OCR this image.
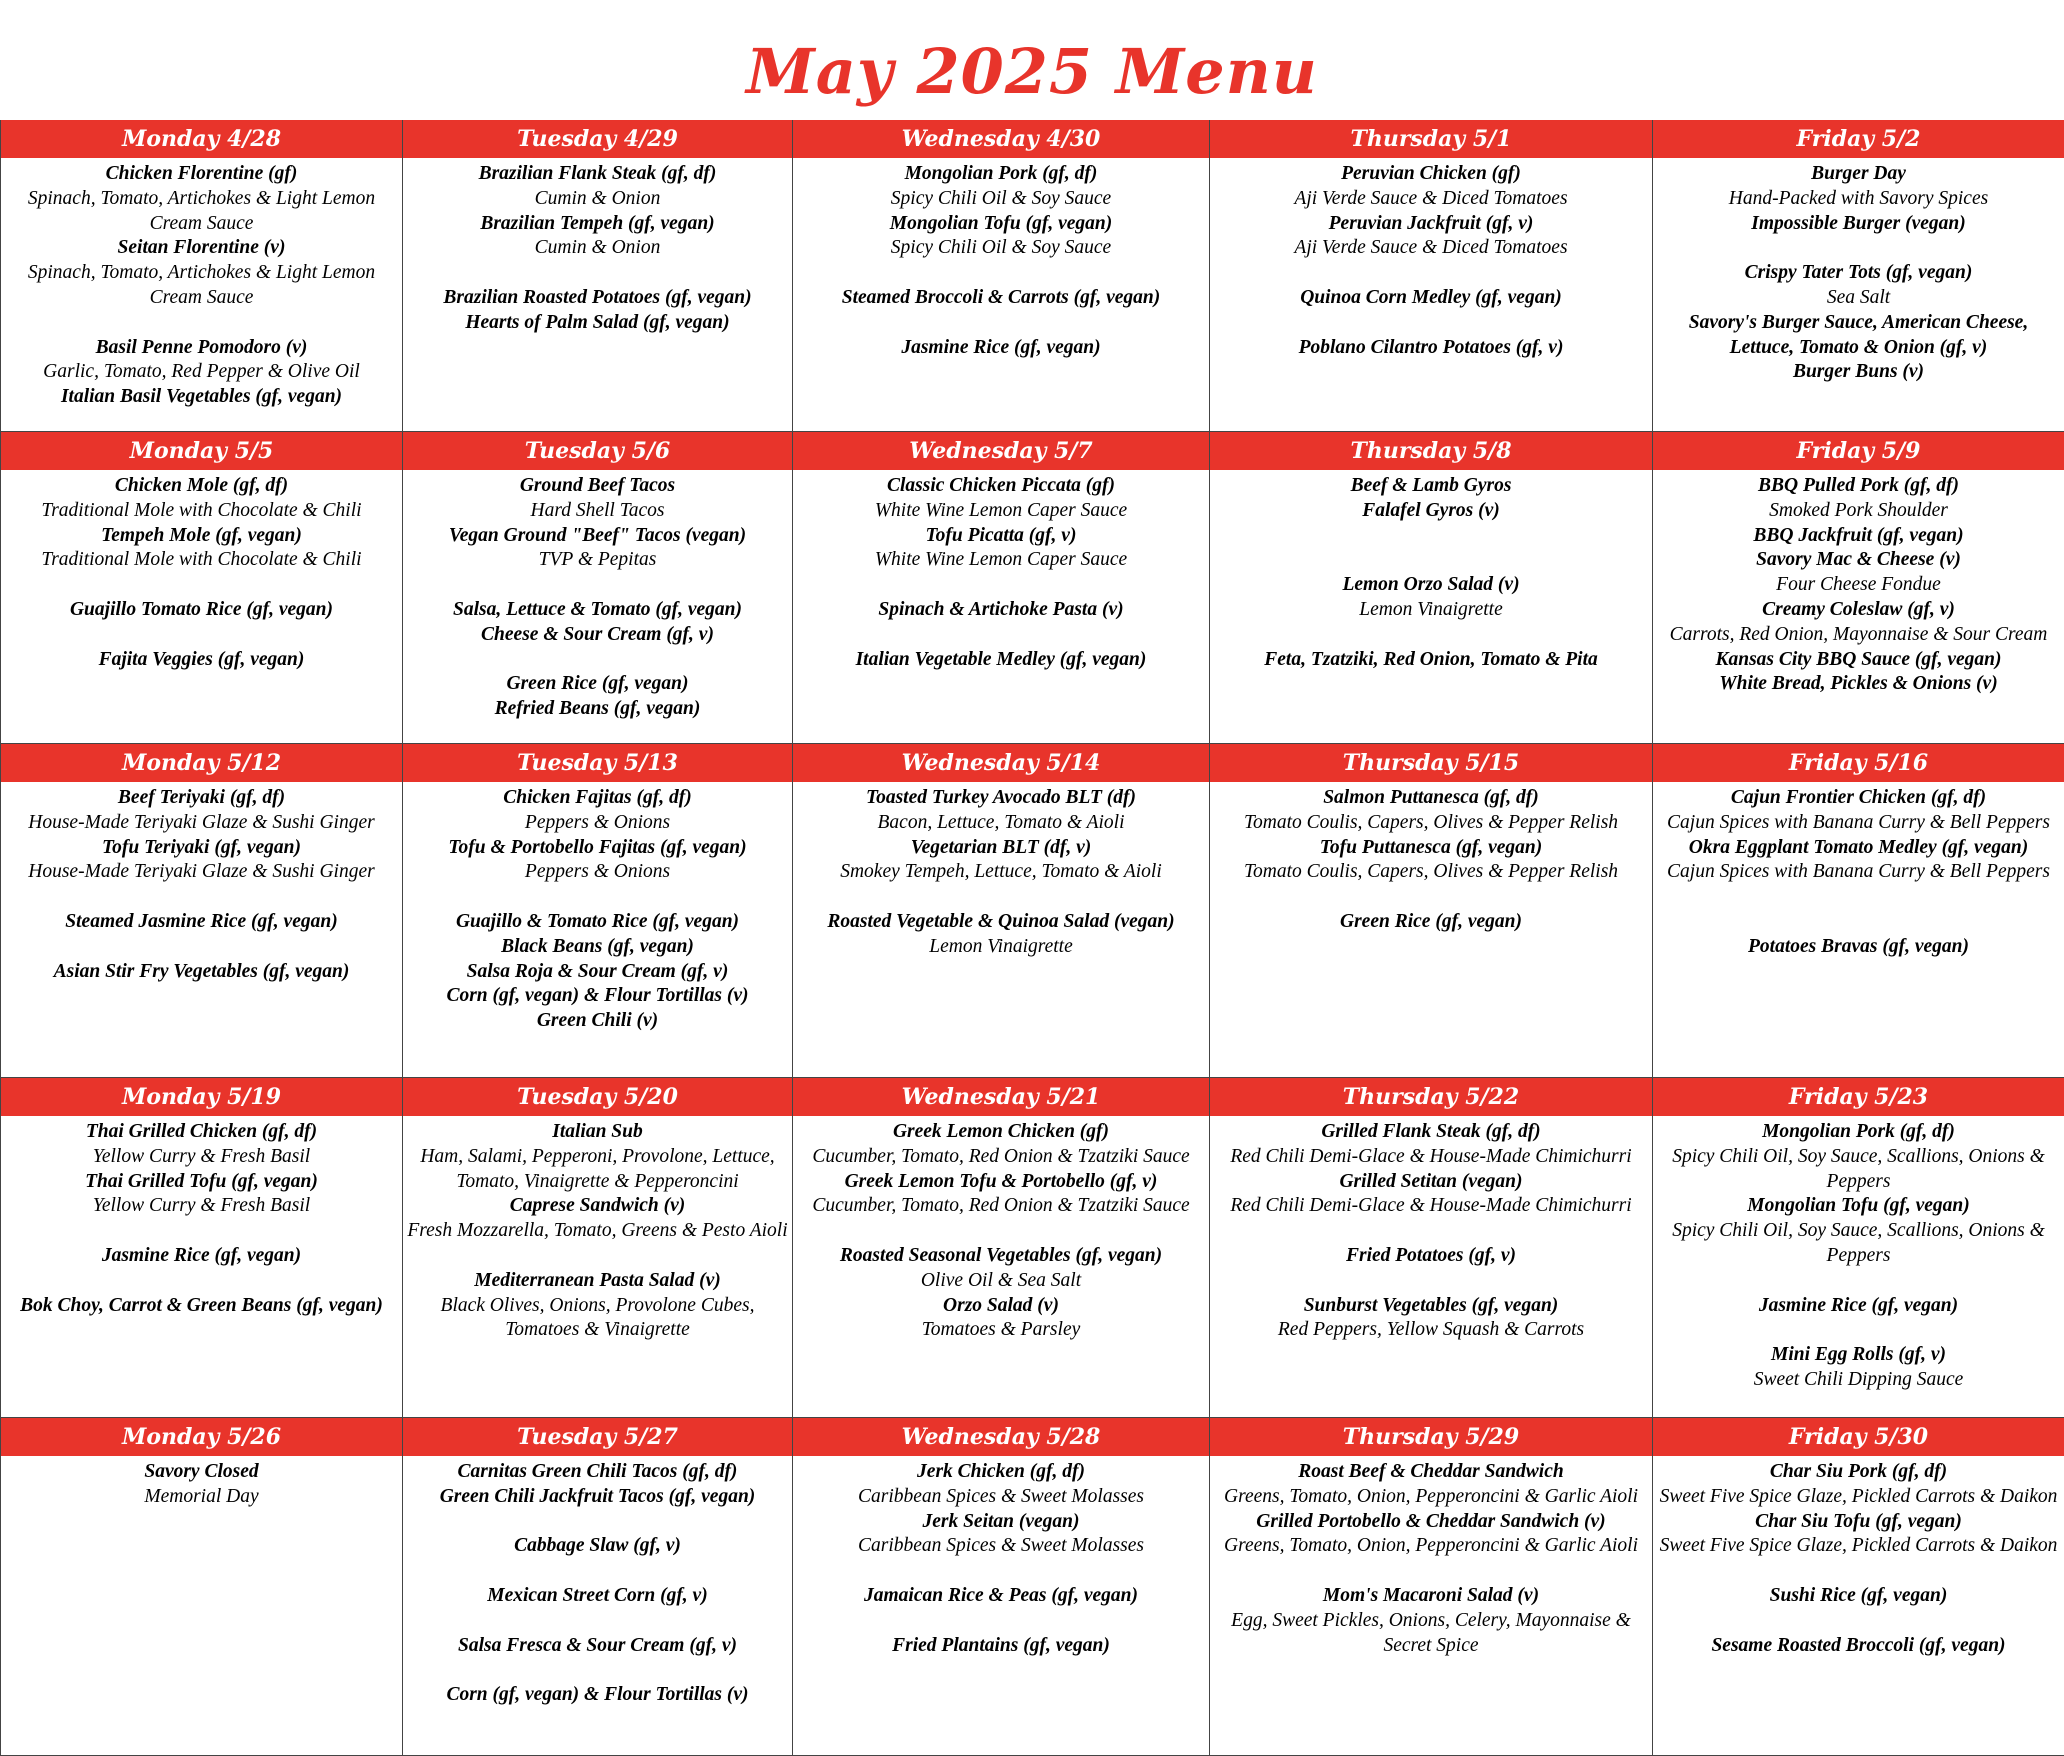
May 2025 Menu
Monday 4/28
Chicken Florentine (gf)
Spinach, Tomato, Artichokes & Light Lemon Cream Sauce
Seitan Florentine (v)
Spinach, Tomato, Artichokes & Light Lemon Cream Sauce
Basil Penne Pomodoro (v)
Garlic, Tomato, Red Pepper & Olive Oil
Italian Basil Vegetables (gf, vegan)
Tuesday 4/29
Brazilian Flank Steak (gf, df)
Cumin & Onion
Brazilian Tempeh (gf, vegan)
Cumin & Onion
Brazilian Roasted Potatoes (gf, vegan)
Hearts of Palm Salad (gf, vegan)
Wednesday 4/30
Mongolian Pork (gf, df)
Spicy Chili Oil & Soy Sauce
Mongolian Tofu (gf, vegan)
Spicy Chili Oil & Soy Sauce
Steamed Broccoli & Carrots (gf, vegan)
Jasmine Rice (gf, vegan)
Thursday 5/1
Peruvian Chicken (gf)
Aji Verde Sauce & Diced Tomatoes
Peruvian Jackfruit (gf, v)
Aji Verde Sauce & Diced Tomatoes
Quinoa Corn Medley (gf, vegan)
Poblano Cilantro Potatoes (gf, v)
Friday 5/2
Burger Day
Hand-Packed with Savory Spices
Impossible Burger (vegan)
Crispy Tater Tots (gf, vegan)
Sea Salt
Savory's Burger Sauce, American Cheese, Lettuce, Tomato & Onion (gf, v)
Burger Buns (v)
Monday 5/5
Chicken Mole (gf, df)
Traditional Mole with Chocolate & Chili
Tempeh Mole (gf, vegan)
Traditional Mole with Chocolate & Chili
Guajillo Tomato Rice (gf, vegan)
Fajita Veggies (gf, vegan)
Tuesday 5/6
Ground Beef Tacos
Hard Shell Tacos
Vegan Ground "Beef" Tacos (vegan)
TVP & Pepitas
Salsa, Lettuce & Tomato (gf, vegan)
Cheese & Sour Cream (gf, v)
Green Rice (gf, vegan)
Refried Beans (gf, vegan)
Wednesday 5/7
Classic Chicken Piccata (gf)
White Wine Lemon Caper Sauce
Tofu Picatta (gf, v)
White Wine Lemon Caper Sauce
Spinach & Artichoke Pasta (v)
Italian Vegetable Medley (gf, vegan)
Thursday 5/8
Beef & Lamb Gyros
Falafel Gyros (v)
Lemon Orzo Salad (v)
Lemon Vinaigrette
Feta, Tzatziki, Red Onion, Tomato & Pita
Friday 5/9
BBQ Pulled Pork (gf, df)
Smoked Pork Shoulder
BBQ Jackfruit (gf, vegan)
Savory Mac & Cheese (v)
Four Cheese Fondue
Creamy Coleslaw (gf, v)
Carrots, Red Onion, Mayonnaise & Sour Cream
Kansas City BBQ Sauce (gf, vegan)
White Bread, Pickles & Onions (v)
Monday 5/12
Beef Teriyaki (gf, df)
House-Made Teriyaki Glaze & Sushi Ginger
Tofu Teriyaki (gf, vegan)
House-Made Teriyaki Glaze & Sushi Ginger
Steamed Jasmine Rice (gf, vegan)
Asian Stir Fry Vegetables (gf, vegan)
Tuesday 5/13
Chicken Fajitas (gf, df)
Peppers & Onions
Tofu & Portobello Fajitas (gf, vegan)
Peppers & Onions
Guajillo & Tomato Rice (gf, vegan)
Black Beans (gf, vegan)
Salsa Roja & Sour Cream (gf, v)
Corn (gf, vegan) & Flour Tortillas (v)
Green Chili (v)
Wednesday 5/14
Toasted Turkey Avocado BLT (df)
Bacon, Lettuce, Tomato & Aioli
Vegetarian BLT (df, v)
Smokey Tempeh, Lettuce, Tomato & Aioli
Roasted Vegetable & Quinoa Salad (vegan)
Lemon Vinaigrette
Thursday 5/15
Salmon Puttanesca (gf, df)
Tomato Coulis, Capers, Olives & Pepper Relish
Tofu Puttanesca (gf, vegan)
Tomato Coulis, Capers, Olives & Pepper Relish
Green Rice (gf, vegan)
Friday 5/16
Cajun Frontier Chicken (gf, df)
Cajun Spices with Banana Curry & Bell Peppers
Okra Eggplant Tomato Medley (gf, vegan)
Cajun Spices with Banana Curry & Bell Peppers
Potatoes Bravas (gf, vegan)
Monday 5/19
Thai Grilled Chicken (gf, df)
Yellow Curry & Fresh Basil
Thai Grilled Tofu (gf, vegan)
Yellow Curry & Fresh Basil
Jasmine Rice (gf, vegan)
Bok Choy, Carrot & Green Beans (gf, vegan)
Tuesday 5/20
Italian Sub
Ham, Salami, Pepperoni, Provolone, Lettuce, Tomato, Vinaigrette & Pepperoncini
Caprese Sandwich (v)
Fresh Mozzarella, Tomato, Greens & Pesto Aioli
Mediterranean Pasta Salad (v)
Black Olives, Onions, Provolone Cubes, Tomatoes & Vinaigrette
Wednesday 5/21
Greek Lemon Chicken (gf)
Cucumber, Tomato, Red Onion & Tzatziki Sauce
Greek Lemon Tofu & Portobello (gf, v)
Cucumber, Tomato, Red Onion & Tzatziki Sauce
Roasted Seasonal Vegetables (gf, vegan)
Olive Oil & Sea Salt
Orzo Salad (v)
Tomatoes & Parsley
Thursday 5/22
Grilled Flank Steak (gf, df)
Red Chili Demi-Glace & House-Made Chimichurri
Grilled Setitan (vegan)
Red Chili Demi-Glace & House-Made Chimichurri
Fried Potatoes (gf, v)
Sunburst Vegetables (gf, vegan)
Red Peppers, Yellow Squash & Carrots
Friday 5/23
Mongolian Pork (gf, df)
Spicy Chili Oil, Soy Sauce, Scallions, Onions & Peppers
Mongolian Tofu (gf, vegan)
Spicy Chili Oil, Soy Sauce, Scallions, Onions & Peppers
Jasmine Rice (gf, vegan)
Mini Egg Rolls (gf, v)
Sweet Chili Dipping Sauce
Monday 5/26
Savory Closed
Memorial Day
Tuesday 5/27
Carnitas Green Chili Tacos (gf, df)
Green Chili Jackfruit Tacos (gf, vegan)
Cabbage Slaw (gf, v)
Mexican Street Corn (gf, v)
Salsa Fresca & Sour Cream (gf, v)
Corn (gf, vegan) & Flour Tortillas (v)
Wednesday 5/28
Jerk Chicken (gf, df)
Caribbean Spices & Sweet Molasses
Jerk Seitan (vegan)
Caribbean Spices & Sweet Molasses
Jamaican Rice & Peas (gf, vegan)
Fried Plantains (gf, vegan)
Thursday 5/29
Roast Beef & Cheddar Sandwich
Greens, Tomato, Onion, Pepperoncini & Garlic Aioli
Grilled Portobello & Cheddar Sandwich (v)
Greens, Tomato, Onion, Pepperoncini & Garlic Aioli
Mom's Macaroni Salad (v)
Egg, Sweet Pickles, Onions, Celery, Mayonnaise & Secret Spice
Friday 5/30
Char Siu Pork (gf, df)
Sweet Five Spice Glaze, Pickled Carrots & Daikon
Char Siu Tofu (gf, vegan)
Sweet Five Spice Glaze, Pickled Carrots & Daikon
Sushi Rice (gf, vegan)
Sesame Roasted Broccoli (gf, vegan)
